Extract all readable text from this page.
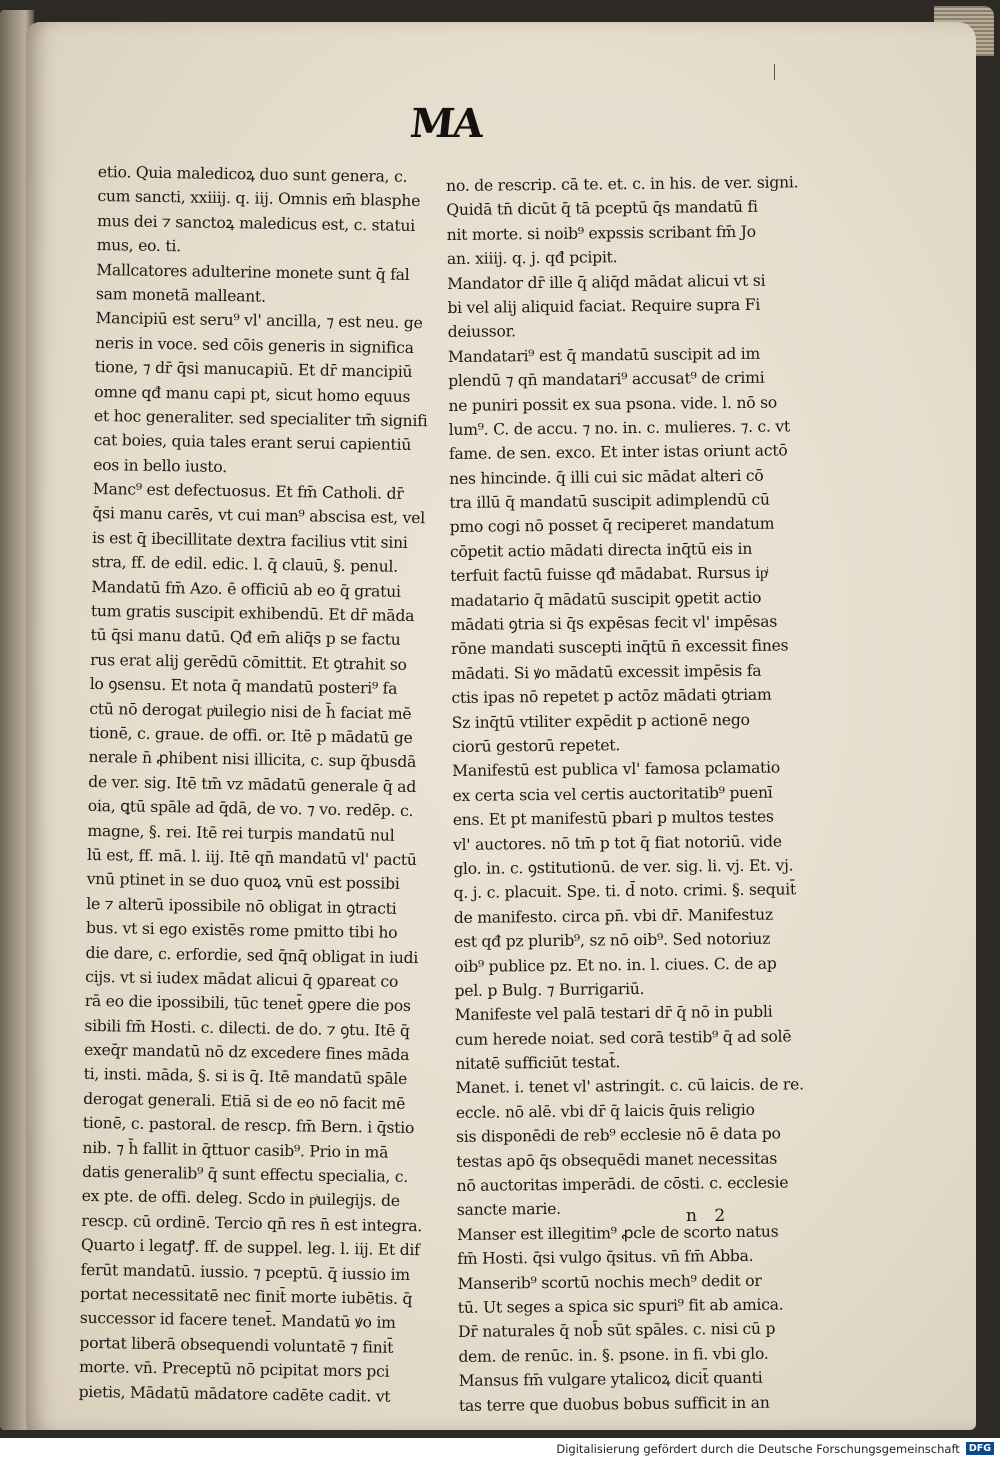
MA
etio. Quia maledicoꝝ duo sunt genera, c.
cum sancti, xxiiij. q. iij. Omnis em̄ blasphe
mus dei ⁊ sanctoꝝ maledicus est, c. statui
mus, eo. ti.
Mallcatores adulterine monete sunt q̄ fal
sam monetā malleant.
Mancipiū est seru⁹ vl' ancilla, ⁊ est neu. ge
neris in voce. sed cōis generis in significa
tione, ⁊ dr̄ q̄si manucapiū. Et dr̄ mancipiū
omne qđ manu capi pt, sicut homo equus
et hoc generaliter. sed specialiter tm̄ signifi
cat boies, quia tales erant serui capientiū
eos in bello iusto.
Manc⁹ est defectuosus. Et fm̄ Catholi. dr̄
q̄si manu carēs, vt cui man⁹ abscisa est, vel
is est q̄ ibecillitate dextra facilius vtit sini
stra, ff. de edil. edic. l. q̄ clauū, §. penul.
Mandatū fm̄ Azo. ē officiū ab eo q̄ gratui
tum gratis suscipit exhibendū. Et dr̄ māda
tū q̄si manu datū. Qđ em̄ aliq̄s p se factu
rus erat alij gerēdū cōmittit. Et ꝯtrahit so
lo ꝯsensu. Et nota q̄ mandatū posteri⁹ fa
ctū nō derogat pͥuilegio nisi de h̄ faciat mē
tionē, c. graue. de offi. or. Itē p mādatū ge
nerale n̄ ꝓhibent nisi illicita, c. sup q̄busdā
de ver. sig. Itē tm̄ vz mādatū generale q̄ ad
oia, ꝗtū spāle ad q̄dā, de vo. ⁊ vo. redēp. c.
magne, §. rei. Itē rei turpis mandatū nul
lū est, ff. mā. l. iij. Itē qn̄ mandatū vl' pactū
vnū ptinet in se duo quoꝝ vnū est possibi
le ⁊ alterū ipossibile nō obligat in ꝯtracti
bus. vt si ego existēs rome pmitto tibi ho
die dare, c. erfordie, sed q̄nq̄ obligat in iudi
cijs. vt si iudex mādat alicui q̄ ꝯpareat co
rā eo die ipossibili, tūc tenet̄ ꝯpere die pos
sibili fm̄ Hosti. c. dilecti. de do. ⁊ ꝯtu. Itē q̄
exeq̄r mandatū nō dz excedere fines māda
ti, insti. māda, §. si is q̄. Itē mandatū spāle
derogat generali. Etiā si de eo nō facit mē
tionē, c. pastoral. de rescp. fm̄ Bern. i q̄stio
nib. ⁊ h̄ fallit in q̄ttuor casib⁹. Prio in mā
datis generalib⁹ q̄ sunt effectu specialia, c.
ex pte. de offi. deleg. Scdo in pͥuilegijs. de
rescp. cū ordinē. Tercio qn̄ res n̄ est integra.
Quarto i legatꝭ. ff. de suppel. leg. l. iij. Et dif
ferūt mandatū. iussio. ⁊ pceptū. q̄ iussio im
portat necessitatē nec finit̄ morte iubētis. q̄
successor id facere tenet̄. Mandatū ꝟo im
portat liberā obsequendi voluntatē ⁊ finit̄
morte. vn̄. Preceptū nō pcipitat mors pci
pietis, Mādatū mādatore cadēte cadit. vt
no. de rescrip. cā te. et. c. in his. de ver. signi.
Quidā tn̄ dicūt q̄ tā pceptū q̄s mandatū fi
nit morte. si noib⁹ expssis scribant fm̄ Jo
an. xiiij. q. j. qđ pcipit.
Mandator dr̄ ille q̄ aliq̄d mādat alicui vt si
bi vel alij aliquid faciat. Require supra Fi
deiussor.
Mandatari⁹ est q̄ mandatū suscipit ad im
plendū ⁊ qn̄ mandatari⁹ accusat⁹ de crimi
ne puniri possit ex sua psona. vide. l. nō so
lum⁹. C. de accu. ⁊ no. in. c. mulieres. ⁊. c. vt
fame. de sen. exco. Et inter istas oriunt actō
nes hincinde. q̄ illi cui sic mādat alteri cō
tra illū q̄ mandatū suscipit adimplendū cū
pmo cogi nō posset q̄ reciperet mandatum
cōpetit actio mādati directa inq̄tū eis in
terfuit factū fuisse qđ mādabat. Rursus ipͥ
madatario q̄ mādatū suscipit ꝯpetit actio
mādati ꝯtria si q̄s expēsas fecit vl' impēsas
rōne mandati suscepti inq̄tū n̄ excessit fines
mādati. Si ꝟo mādatū excessit impēsis fa
ctis ipas nō repetet p actōz mādati ꝯtriam
Sz inq̄tū vtiliter expēdit p actionē nego
ciorū gestorū repetet.
Manifestū est publica vl' famosa pclamatio
ex certa scia vel certis auctoritatib⁹ puenī
ens. Et pt manifestū pbari p multos testes
vl' auctores. nō tm̄ p tot q̄ fiat notoriū. vide
glo. in. c. ꝯstitutionū. de ver. sig. li. vj. Et. vj.
q. j. c. placuit. Spe. ti. d̄ noto. crimi. §. sequit̄
de manifesto. circa pn̄. vbi dr̄. Manifestuz
est qđ pz plurib⁹, sz nō oib⁹. Sed notoriuz
oib⁹ publice pz. Et no. in. l. ciues. C. de ap
pel. p Bulg. ⁊ Burrigariū.
Manifeste vel palā testari dr̄ q̄ nō in publi
cum herede noiat. sed corā testib⁹ q̄ ad solē
nitatē sufficiūt testat̄.
Manet. i. tenet vl' astringit. c. cū laicis. de re.
eccle. nō alē. vbi dr̄ q̄ laicis q̄uis religio
sis disponēdi de reb⁹ ecclesie nō ē data po
testas apō q̄s obsequēdi manet necessitas
nō auctoritas imperādi. de cōsti. c. ecclesie
sancte marie.
Manser est illegitim⁹ ꝓcle de scorto natus
fm̄ Hosti. q̄si vulgo q̄situs. vn̄ fm̄ Abba.
Manserib⁹ scortū nochis mech⁹ dedit or
tū. Ut seges a spica sic spuri⁹ fit ab amica.
Dr̄ naturales q̄ nob̄ sūt spāles. c. nisi cū p
dem. de renūc. in. §. psone. in fi. vbi glo.
Mansus fm̄ vulgare ytalicoꝝ dicit̄ quanti
tas terre que duobus bobus sufficit in an
n 2
Digitalisierung gefördert durch die Deutsche Forschungsgemeinschaft DFG
